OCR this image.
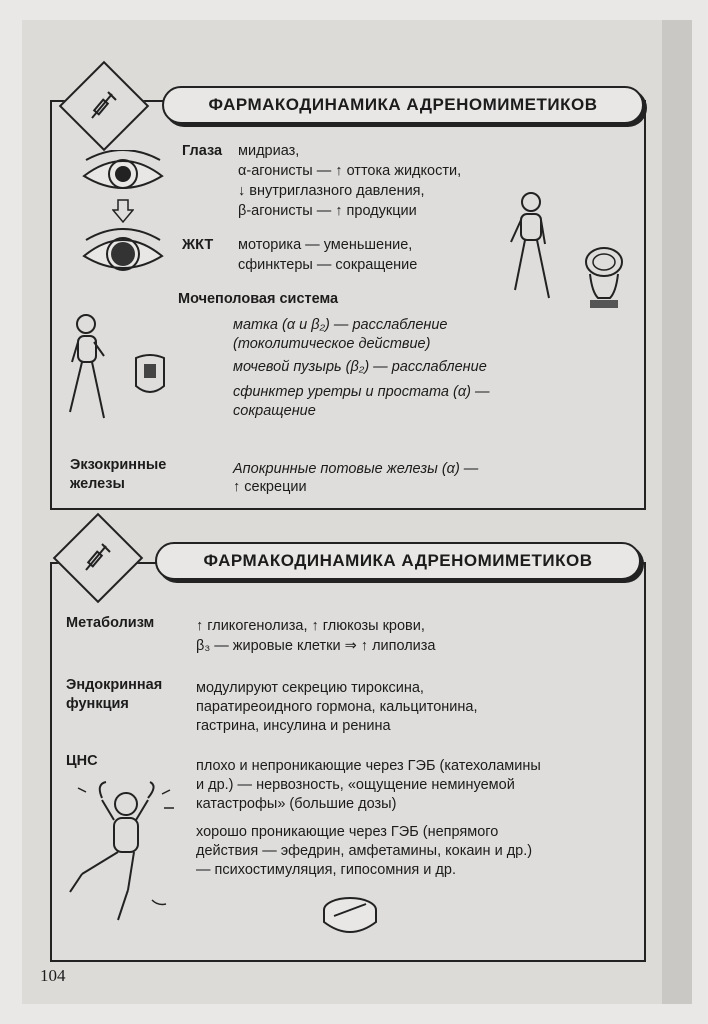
ФАРМАКОДИНАМИКА АДРЕНОМИМЕТИКОВ
Глаза мидриаз,
α-агонисты — ↑ оттока жидкости,
↓ внутриглазного давления,
β-агонисты — ↑ продукции
ЖКТ моторика — уменьшение,
сфинктеры — сокращение
Мочеполовая система
матка (α и β₂) — расслабление
(токолитическое действие)
мочевой пузырь (β₂) — расслабление
сфинктер уретры и простата (α) —
сокращение
Экзокринные
железы
Апокринные потовые железы (α) —
↑ секреции
ФАРМАКОДИНАМИКА АДРЕНОМИМЕТИКОВ
Метаболизм	↑ гликогенолиза, ↑ глюкозы крови,
β₃ — жировые клетки ⇒ ↑ липолиза
Эндокринная
функция
модулируют секрецию тироксина,
паратиреоидного гормона, кальцитонина,
гастрина, инсулина и ренина
ЦНС	плохо и непроникающие через ГЭБ (катехоламины
и др.) — нервозность, «ощущение неминуемой
катастрофы» (большие дозы)
хорошо проникающие через ГЭБ (непрямого
действия — эфедрин, амфетамины, кокаин и др.)
— психостимуляция, гипосомния и др.
104
